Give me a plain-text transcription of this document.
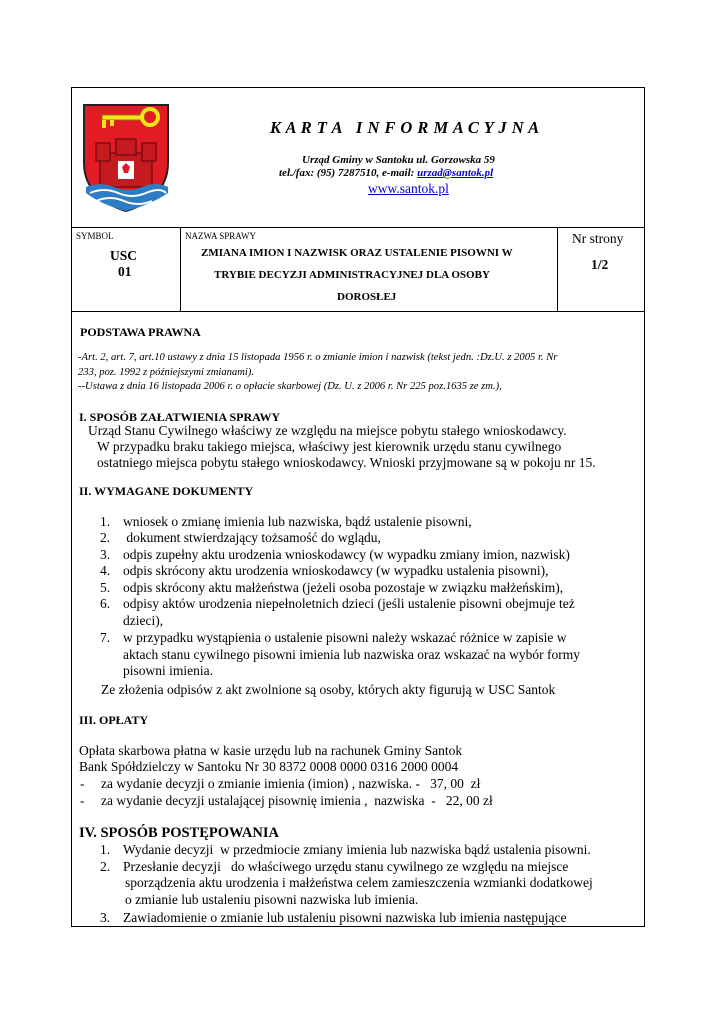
K A R T A   I N F O R M A C Y J N A
Urząd Gminy w Santoku ul. Gorzowska 59
tel./fax: (95) 7287510, e-mail: urzad@santok.pl
www.santok.pl
SYMBOL
USC
01
NAZWA SPRAWY
ZMIANA IMION I NAZWISK ORAZ USTALENIE PISOWNI W
TRYBIE DECYZJI ADMINISTRACYJNEJ DLA OSOBY
DOROSŁEJ
Nr strony
1/2
PODSTAWA PRAWNA
-Art. 2, art. 7, art.10 ustawy z dnia 15 listopada 1956 r. o zmianie imion i nazwisk (tekst jedn. :Dz.U. z 2005 r. Nr
233, poz. 1992 z późniejszymi zmianami).
--Ustawa z dnia 16 listopada 2006 r. o opłacie skarbowej (Dz. U. z 2006 r. Nr 225 poz.1635 ze zm.),
I. SPOSÓB ZAŁATWIENIA SPRAWY
Urząd Stanu Cywilnego właściwy ze względu na miejsce pobytu stałego wnioskodawcy.
W przypadku braku takiego miejsca, właściwy jest kierownik urzędu stanu cywilnego
ostatniego miejsca pobytu stałego wnioskodawcy. Wnioski przyjmowane są w pokoju nr 15.
II. WYMAGANE DOKUMENTY
1. wniosek o zmianę imienia lub nazwiska, bądź ustalenie pisowni,
2. dokument stwierdzający tożsamość do wglądu,
3. odpis zupełny aktu urodzenia wnioskodawcy (w wypadku zmiany imion, nazwisk)
4. odpis skrócony aktu urodzenia wnioskodawcy (w wypadku ustalenia pisowni),
5. odpis skrócony aktu małżeństwa (jeżeli osoba pozostaje w związku małżeńskim),
6. odpisy aktów urodzenia niepełnoletnich dzieci (jeśli ustalenie pisowni obejmuje też
dzieci),
7. w przypadku wystąpienia o ustalenie pisowni należy wskazać różnice w zapisie w
aktach stanu cywilnego pisowni imienia lub nazwiska oraz wskazać na wybór formy
pisowni imienia.
Ze złożenia odpisów z akt zwolnione są osoby, których akty figurują w USC Santok
III. OPŁATY
Opłata skarbowa płatna w kasie urzędu lub na rachunek Gminy Santok
Bank Spółdzielczy w Santoku Nr 30 8372 0008 0000 0316 2000 0004
- za wydanie decyzji o zmianie imienia (imion) , nazwiska. -   37, 00  zł
- za wydanie decyzji ustalającej pisownię imienia ,  nazwiska  -   22, 00 zł
IV. SPOSÓB POSTĘPOWANIA
1. Wydanie decyzji  w przedmiocie zmiany imienia lub nazwiska bądź ustalenia pisowni.
2. Przesłanie decyzji   do właściwego urzędu stanu cywilnego ze względu na miejsce
sporządzenia aktu urodzenia i małżeństwa celem zamieszczenia wzmianki dodatkowej
o zmianie lub ustaleniu pisowni nazwiska lub imienia.
3. Zawiadomienie o zmianie lub ustaleniu pisowni nazwiska lub imienia następujące
